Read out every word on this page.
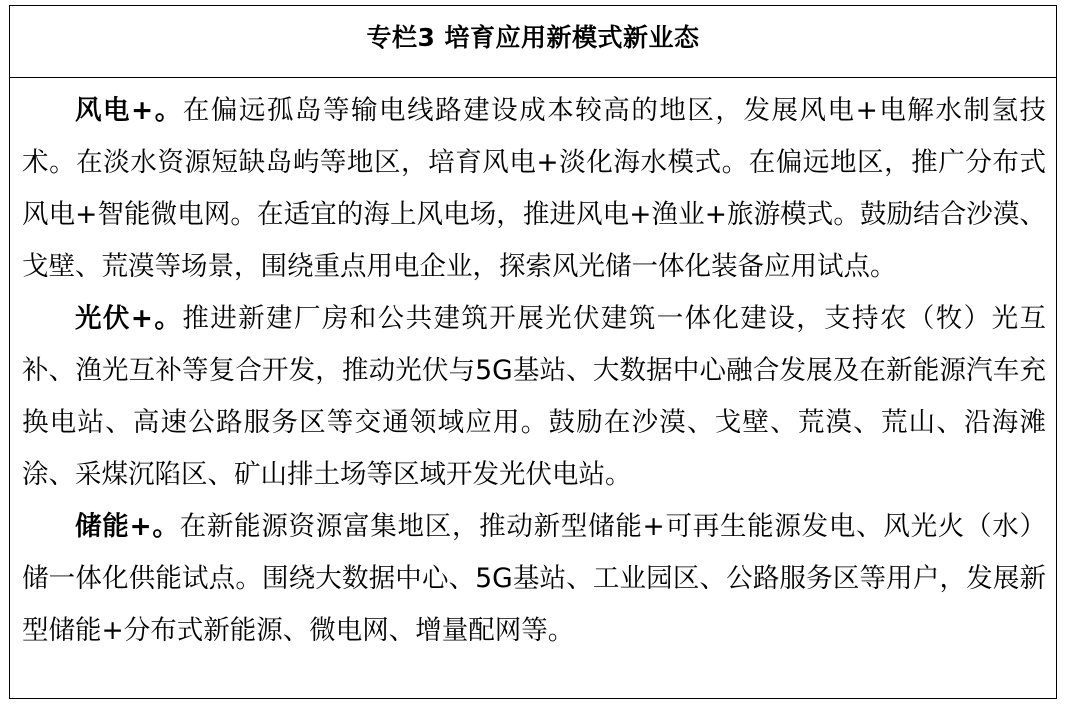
专栏3 培育应用新模式新业态

风电+。在偏远孤岛等输电线路建设成本较高的地区，发展风电+电解水制氢技术。在淡水资源短缺岛屿等地区，培育风电+淡化海水模式。在偏远地区，推广分布式风电+智能微电网。在适宜的海上风电场，推进风电+渔业+旅游模式。鼓励结合沙漠、戈壁、荒漠等场景，围绕重点用电企业，探索风光储一体化装备应用试点。

光伏+。推进新建厂房和公共建筑开展光伏建筑一体化建设，支持农（牧）光互补、渔光互补等复合开发，推动光伏与5G基站、大数据中心融合发展及在新能源汽车充换电站、高速公路服务区等交通领域应用。鼓励在沙漠、戈壁、荒漠、荒山、沿海滩涂、采煤沉陷区、矿山排土场等区域开发光伏电站。

储能+。在新能源资源富集地区，推动新型储能+可再生能源发电、风光火（水）储一体化供能试点。围绕大数据中心、5G基站、工业园区、公路服务区等用户，发展新型储能+分布式新能源、微电网、增量配网等。
